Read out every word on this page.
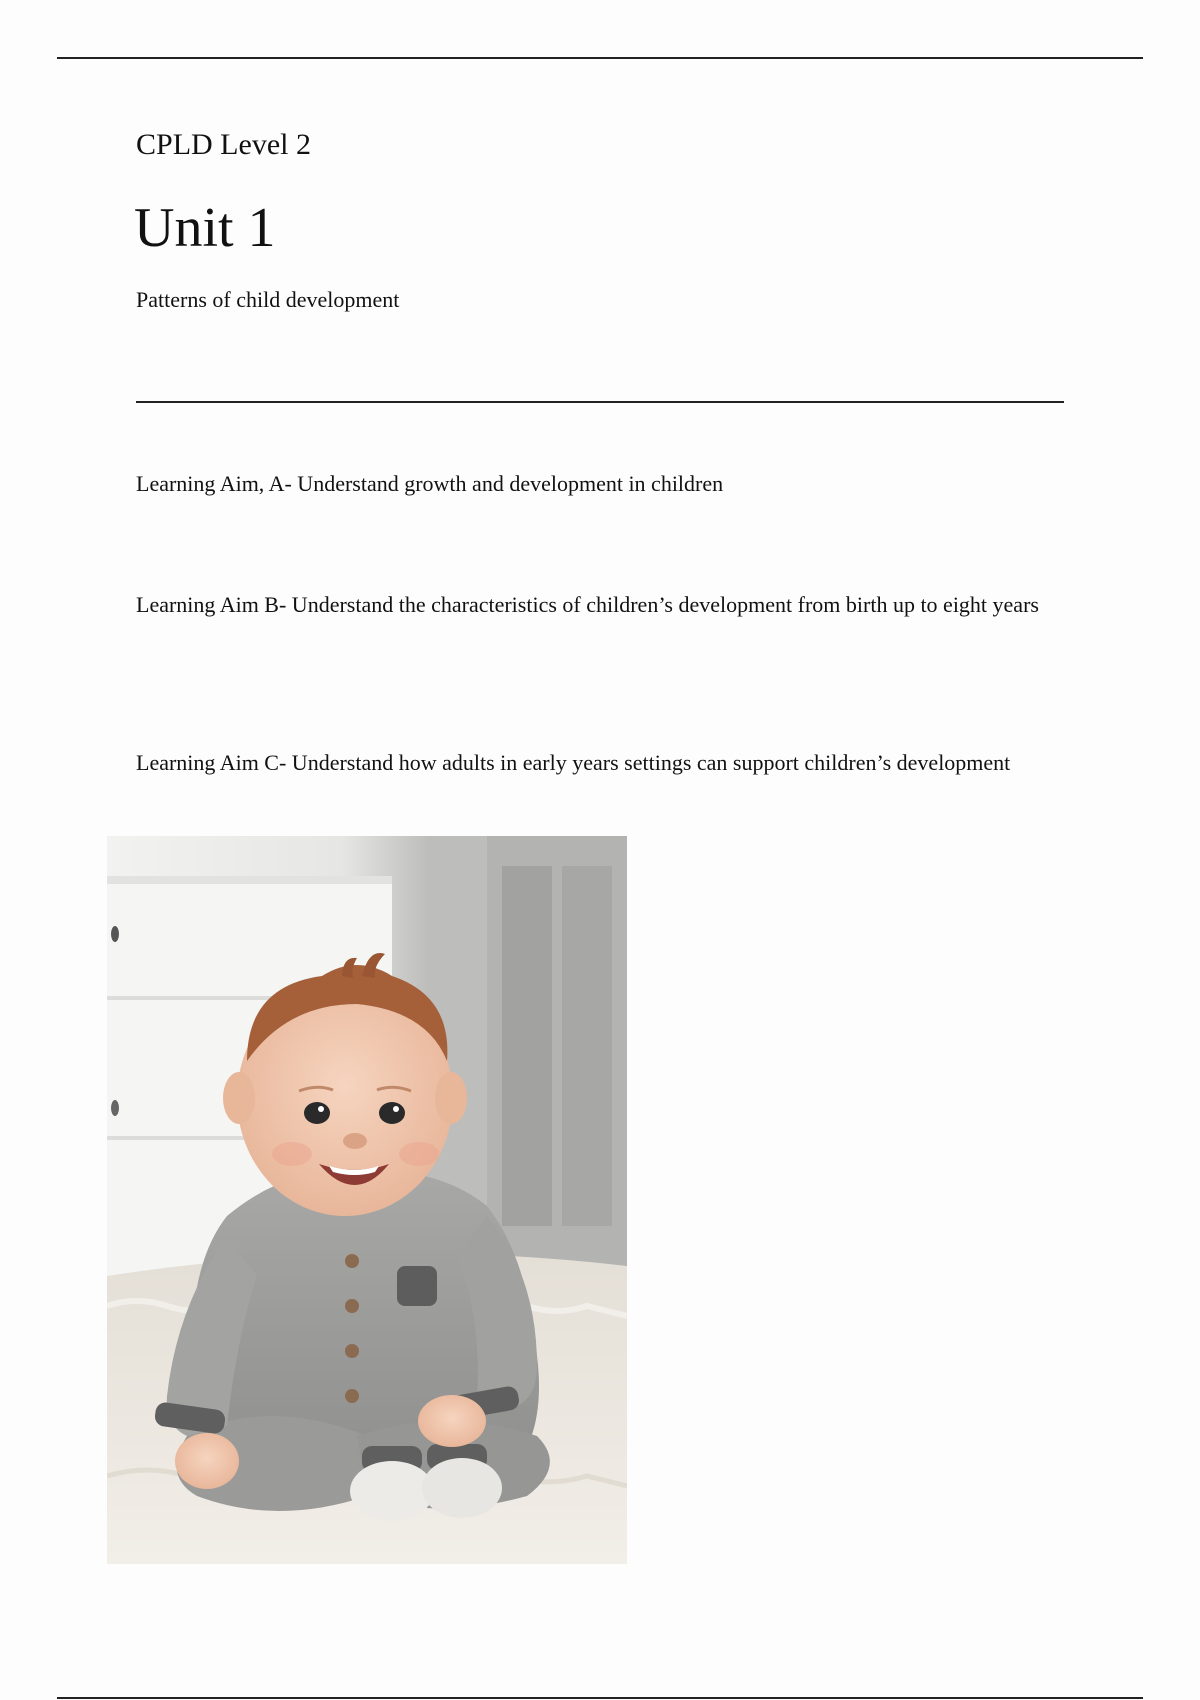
CPLD Level 2
Unit 1
Patterns of child development
Learning Aim, A- Understand growth and development in children
Learning Aim B- Understand the characteristics of children’s development from birth up to eight years
Learning Aim C- Understand how adults in early years settings can support children’s development
